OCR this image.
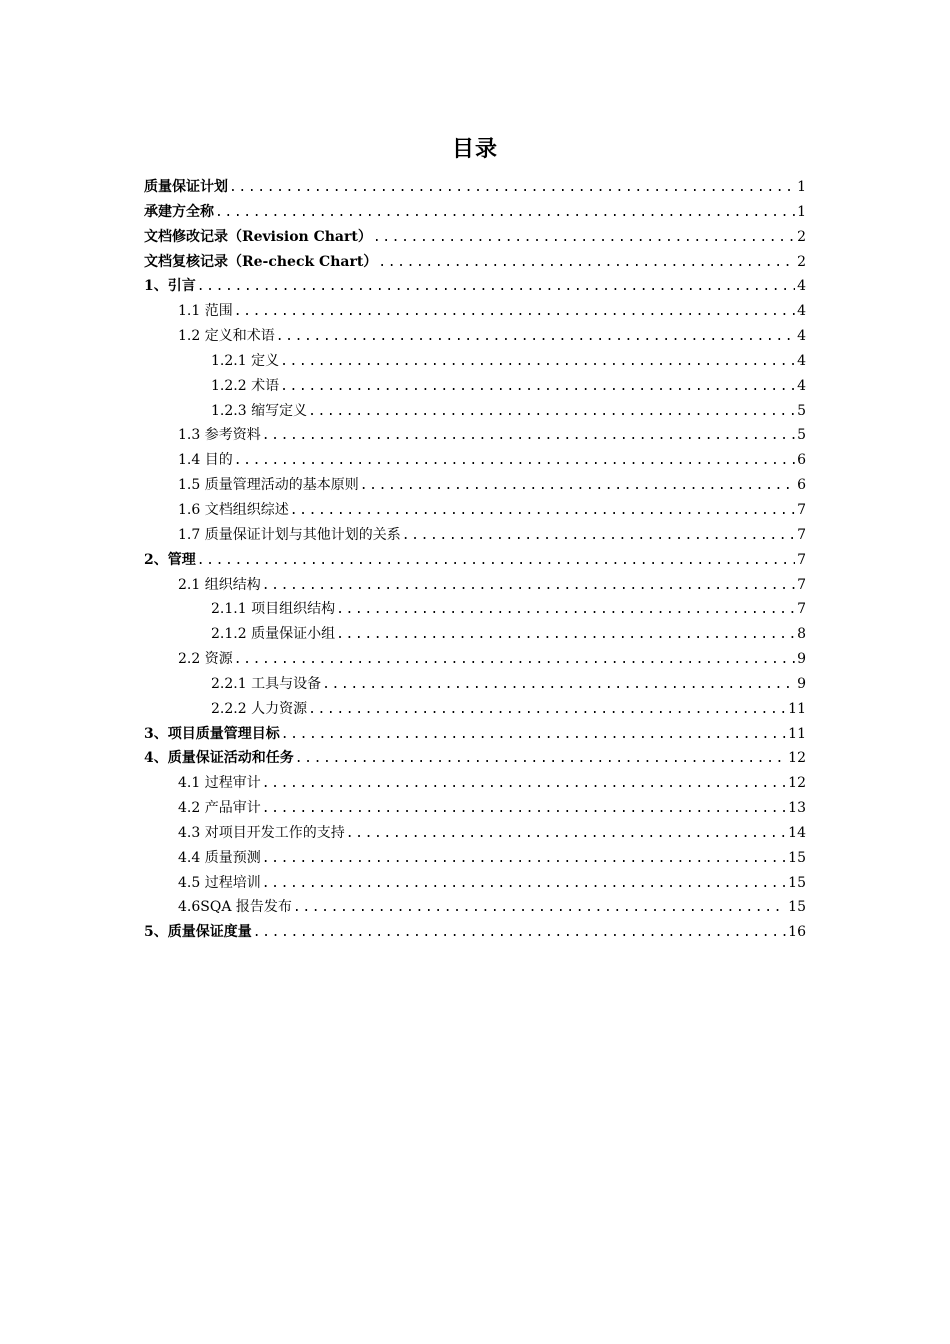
目录
质量保证计划 .....	1
承建方全称 .....	1
文档修改记录（Revision Chart） .....	2
文档复核记录（Re-check Chart） .....	2
1、引言 .....	4
1.1 范围 .....	4
1.2 定义和术语 .....	4
1.2.1 定义 .....	4
1.2.2 术语 .....	4
1.2.3 缩写定义 .....	5
1.3 参考资料 .....	5
1.4 目的 .....	6
1.5 质量管理活动的基本原则 .....	6
1.6 文档组织综述 .....	7
1.7 质量保证计划与其他计划的关系 .....	7
2、管理 .....	7
2.1 组织结构 .....	7
2.1.1 项目组织结构 .....	7
2.1.2 质量保证小组 .....	8
2.2 资源 .....	9
2.2.1 工具与设备 .....	9
2.2.2 人力资源 .....	11
3、项目质量管理目标 .....	11
4、质量保证活动和任务 .....	12
4.1 过程审计 .....	12
4.2 产品审计 .....	13
4.3 对项目开发工作的支持 .....	14
4.4 质量预测 .....	15
4.5 过程培训 .....	15
4.6SQA 报告发布 .....	15
5、质量保证度量 .....	16
